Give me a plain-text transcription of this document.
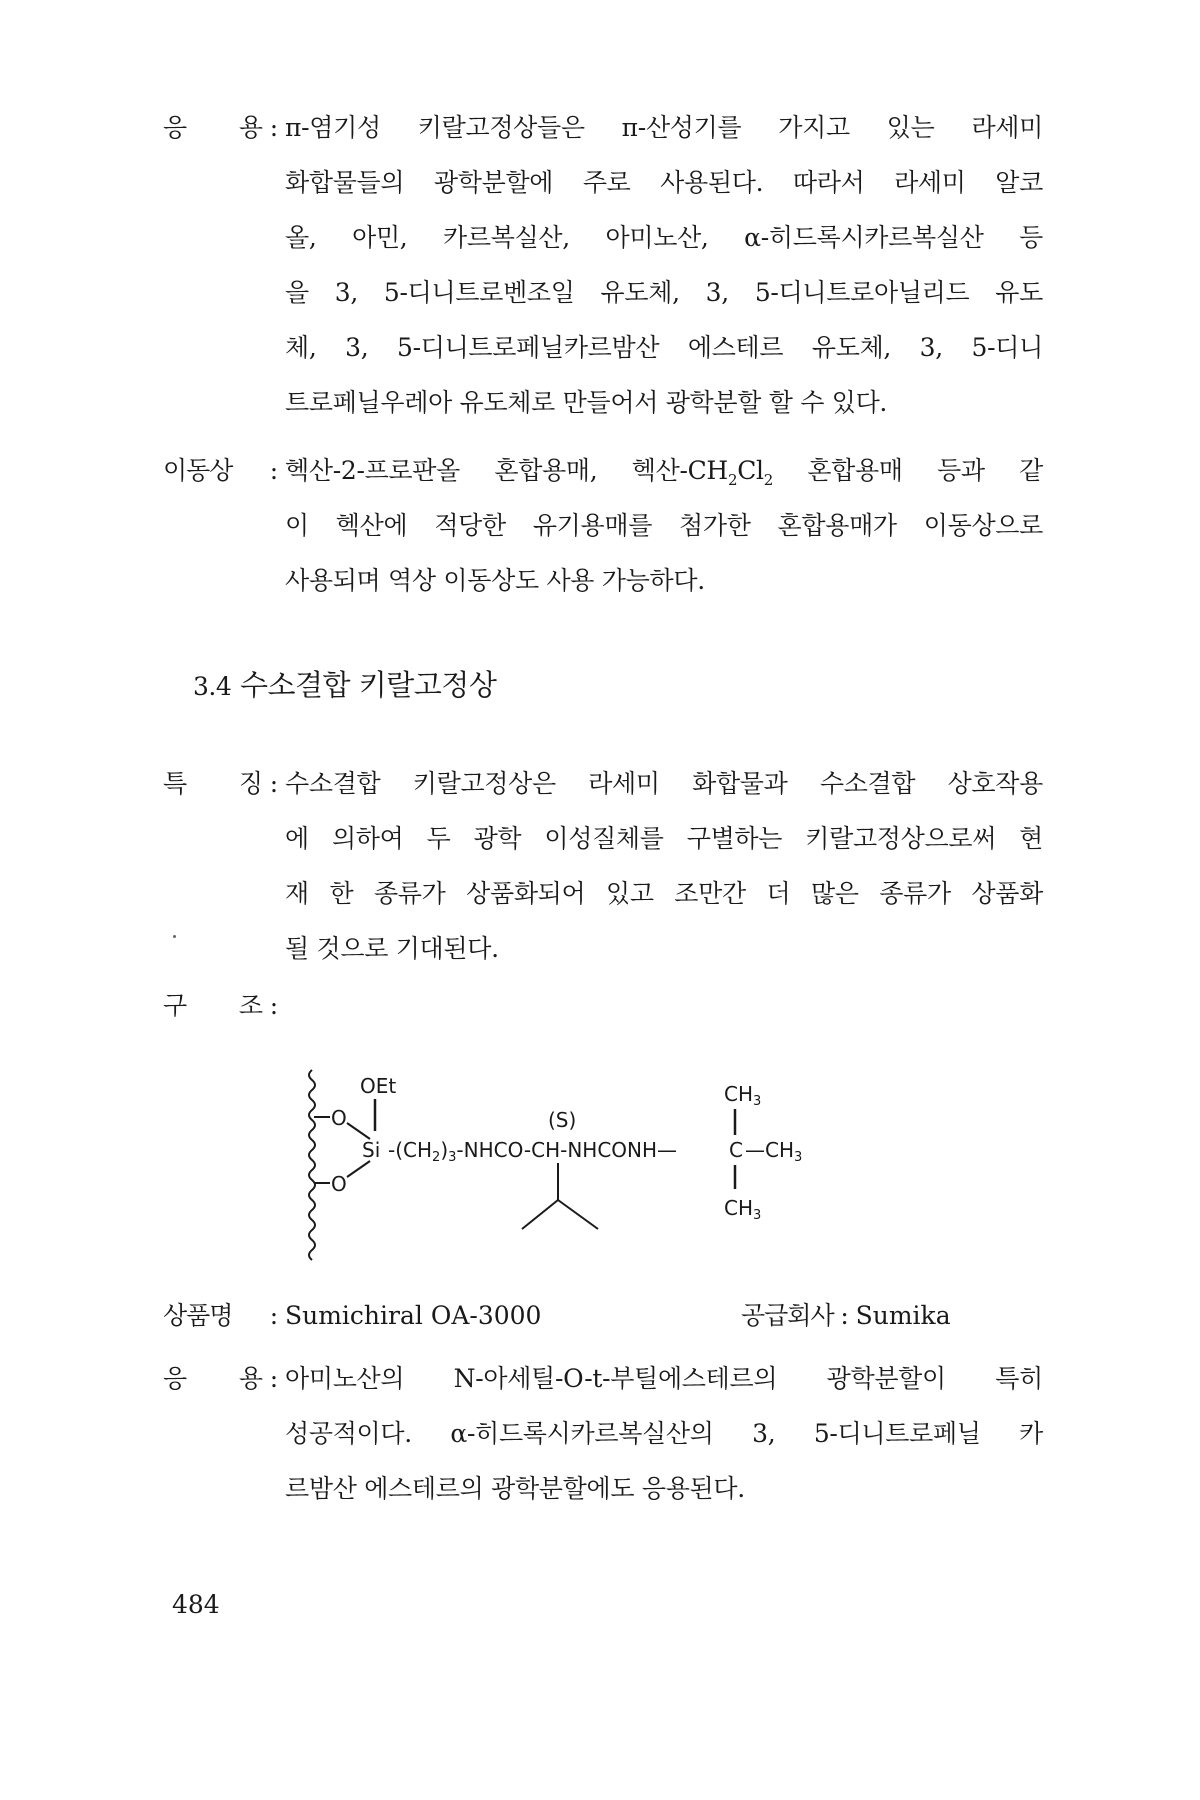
응 용 : π-염기성 키랄고정상들은 π-산성기를 가지고 있는 라세미
화합물들의 광학분할에 주로 사용된다. 따라서 라세미 알코
올, 아민, 카르복실산, 아미노산, α-히드록시카르복실산 등
을 3, 5-디니트로벤조일 유도체, 3, 5-디니트로아닐리드 유도
체, 3, 5-디니트로페닐카르밤산 에스테르 유도체, 3, 5-디니
트로페닐우레아 유도체로 만들어서 광학분할 할 수 있다.
이동상	: 헥산-2-프로판올 혼합용매, 헥산$-CH_2Cl_2$ 혼합용매 등과 같
이 헥산에 적당한 유기용매를 첨가한 혼합용매가 이동상으로
사용되며 역상 이동상도 사용 가능하다.
3.4 수소결합 키랄고정상
특 징 : 수소결합 키랄고정상은 라세미 화합물과 수소결합 상호작용
에 의하여 두 광학 이성질체를 구별하는 키랄고정상으로써 현
재 한 종류가 상품화되어 있고 조만간 더 많은 종류가 상품화
될 것으로 기대된다.
구 조 :
O
O
OEt
Si $-(CH_2)_3-NHCO-CH-NHCONH—$
(S)
$CH_3$
C $—CH_3$
$CH_3$
상품명	: Sumichiral OA-3000	공급회사 : Sumika
응 용 : 아미노산의 N-아세틸-O-t-부틸에스테르의 광학분할이 특히
성공적이다. α-히드록시카르복실산의 3, 5-디니트로페닐 카
르밤산 에스테르의 광학분할에도 응용된다.
484
